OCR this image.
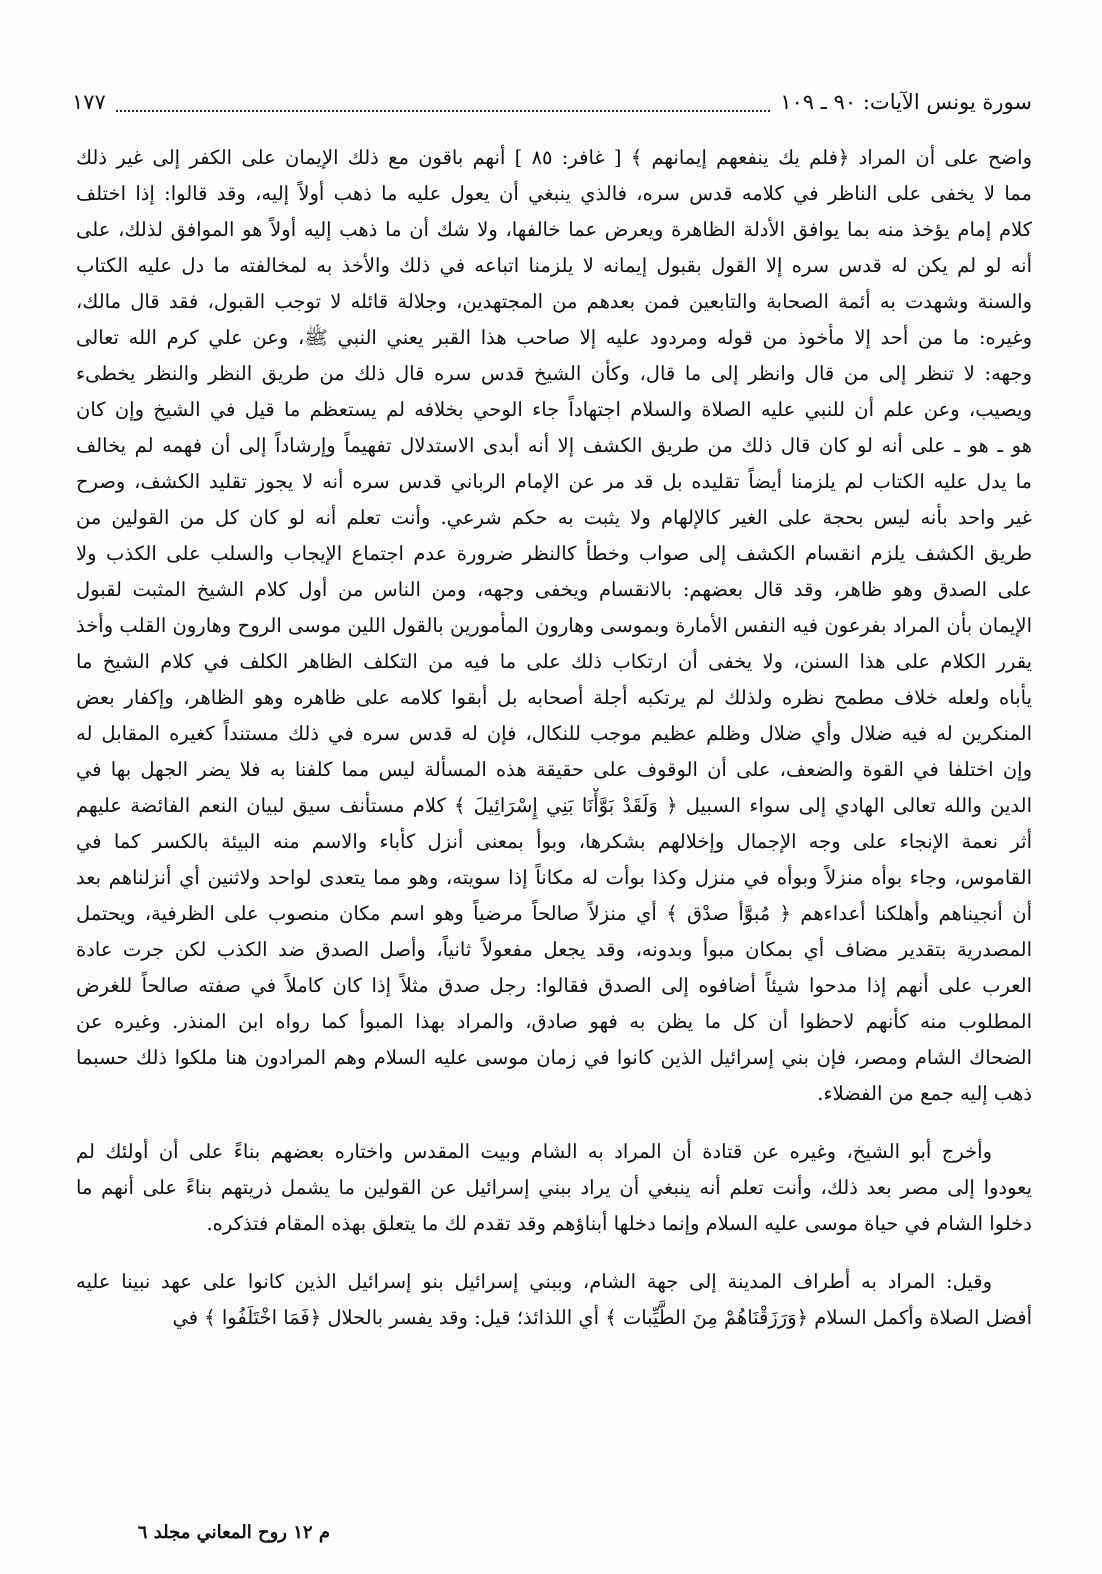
سورة يونس الآيات: ٩٠ ـ ١٠٩
١٧٧
واضح على أن المراد ﴿فلم يك ينفعهم إيمانهم ﴾ [ غافر: ٨٥ ] أنهم باقون مع ذلك الإيمان على الكفر إلى غير ذلك
مما لا يخفى على الناظر في كلامه قدس سره، فالذي ينبغي أن يعول عليه ما ذهب أولاً إليه، وقد قالوا: إذا اختلف
كلام إمام يؤخذ منه بما يوافق الأدلة الظاهرة ويعرض عما خالفها، ولا شك أن ما ذهب إليه أولاً هو الموافق لذلك، على
أنه لو لم يكن له قدس سره إلا القول بقبول إيمانه لا يلزمنا اتباعه في ذلك والأخذ به لمخالفته ما دل عليه الكتاب
والسنة وشهدت به أئمة الصحابة والتابعين فمن بعدهم من المجتهدين، وجلالة قائله لا توجب القبول، فقد قال مالك،
وغيره: ما من أحد إلا مأخوذ من قوله ومردود عليه إلا صاحب هذا القبر يعني النبي ﷺ، وعن علي كرم الله تعالى
وجهه: لا تنظر إلى من قال وانظر إلى ما قال، وكأن الشيخ قدس سره قال ذلك من طريق النظر والنظر يخطىء
ويصيب، وعن علم أن للنبي عليه الصلاة والسلام اجتهاداً جاء الوحي بخلافه لم يستعظم ما قيل في الشيخ وإن كان
هو ـ هو ـ على أنه لو كان قال ذلك من طريق الكشف إلا أنه أبدى الاستدلال تفهيماً وإرشاداً إلى أن فهمه لم يخالف
ما يدل عليه الكتاب لم يلزمنا أيضاً تقليده بل قد مر عن الإمام الرباني قدس سره أنه لا يجوز تقليد الكشف، وصرح
غير واحد بأنه ليس بحجة على الغير كالإلهام ولا يثبت به حكم شرعي. وأنت تعلم أنه لو كان كل من القولين من
طريق الكشف يلزم انقسام الكشف إلى صواب وخطأ كالنظر ضرورة عدم اجتماع الإيجاب والسلب على الكذب ولا
على الصدق وهو ظاهر، وقد قال بعضهم: بالانقسام ويخفى وجهه، ومن الناس من أول كلام الشيخ المثبت لقبول
الإيمان بأن المراد بفرعون فيه النفس الأمارة وبموسى وهارون المأمورين بالقول اللين موسى الروح وهارون القلب وأخذ
يقرر الكلام على هذا السنن، ولا يخفى أن ارتكاب ذلك على ما فيه من التكلف الظاهر الكلف في كلام الشيخ ما
يأباه ولعله خلاف مطمح نظره ولذلك لم يرتكبه أجلة أصحابه بل أبقوا كلامه على ظاهره وهو الظاهر، وإكفار بعض
المنكرين له فيه ضلال وأي ضلال وظلم عظيم موجب للنكال، فإن له قدس سره في ذلك مستنداً كغيره المقابل له
وإن اختلفا في القوة والضعف، على أن الوقوف على حقيقة هذه المسألة ليس مما كلفنا به فلا يضر الجهل بها في
الدين والله تعالى الهادي إلى سواء السبيل ﴿ وَلَقَدْ بَوَّأْنَا بَنِي إِسْرَائِيلَ ﴾ كلام مستأنف سيق لبيان النعم الفائضة عليهم
أثر نعمة الإنجاء على وجه الإجمال وإخلالهم بشكرها، وبوأ بمعنى أنزل كأباء والاسم منه البيئة بالكسر كما في
القاموس، وجاء بوأه منزلاً وبوأه في منزل وكذا بوأت له مكاناً إذا سويته، وهو مما يتعدى لواحد ولاثنين أي أنزلناهم بعد
أن أنجيناهم وأهلكنا أعداءهم ﴿ مُبوَّأ صدْق ﴾ أي منزلاً صالحاً مرضياً وهو اسم مكان منصوب على الظرفية، ويحتمل
المصدرية بتقدير مضاف أي بمكان مبوأ وبدونه، وقد يجعل مفعولاً ثانياً، وأصل الصدق ضد الكذب لكن جرت عادة
العرب على أنهم إذا مدحوا شيئاً أضافوه إلى الصدق فقالوا: رجل صدق مثلاً إذا كان كاملاً في صفته صالحاً للغرض
المطلوب منه كأنهم لاحظوا أن كل ما يظن به فهو صادق، والمراد بهذا المبوأ كما رواه ابن المنذر. وغيره عن
الضحاك الشام ومصر، فإن بني إسرائيل الذين كانوا في زمان موسى عليه السلام وهم المرادون هنا ملكوا ذلك حسبما
ذهب إليه جمع من الفضلاء.
وأخرج أبو الشيخ، وغيره عن قتادة أن المراد به الشام وبيت المقدس واختاره بعضهم بناءً على أن أولئك لم
يعودوا إلى مصر بعد ذلك، وأنت تعلم أنه ينبغي أن يراد ببني إسرائيل عن القولين ما يشمل ذريتهم بناءً على أنهم ما
دخلوا الشام في حياة موسى عليه السلام وإنما دخلها أبناؤهم وقد تقدم لك ما يتعلق بهذه المقام فتذكره.
وقيل: المراد به أطراف المدينة إلى جهة الشام، وببني إسرائيل بنو إسرائيل الذين كانوا على عهد نبينا عليه
أفضل الصلاة وأكمل السلام ﴿وَرَزَقْنَاهُمْ مِنَ الطَّيِّبات ﴾ أي اللذائذ؛ قيل: وقد يفسر بالحلال ﴿فَمَا اخْتَلَفُوا ﴾ في
م ١٢ روح المعاني مجلد ٦
